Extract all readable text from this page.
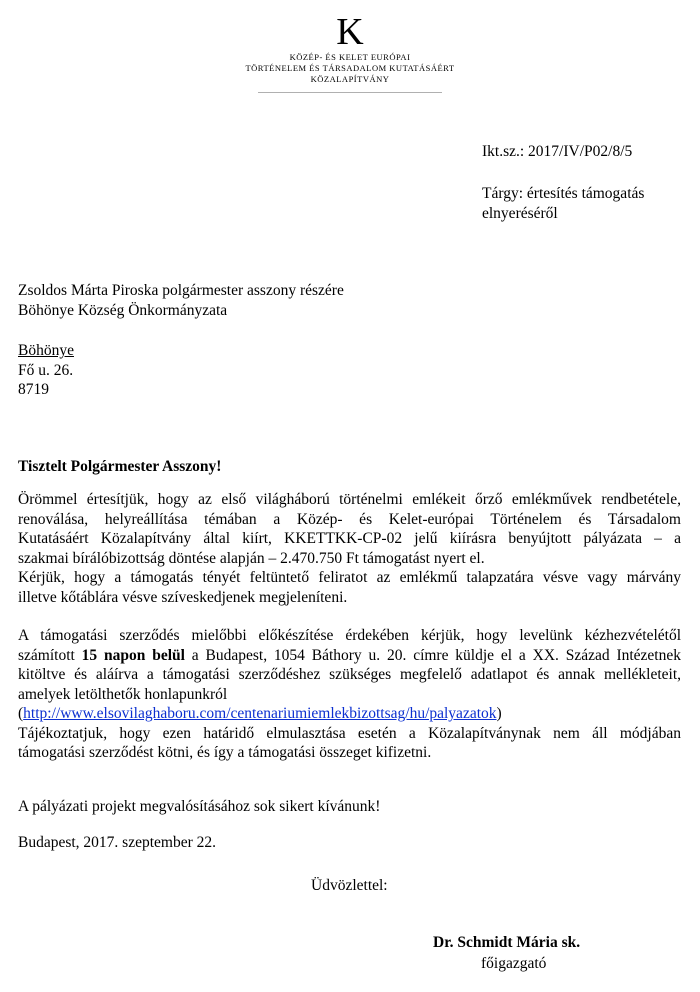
K
KÖZÉP- ÉS KELET EURÓPAI
TÖRTÉNELEM ÉS TÁRSADALOM KUTATÁSÁÉRT
KÖZALAPÍTVÁNY
Ikt.sz.: 2017/IV/P02/8/5
Tárgy: értesítés támogatás
elnyeréséről
Zsoldos Márta Piroska polgármester asszony részére
Böhönye Község Önkormányzata
Böhönye
Fő u. 26.
8719
Tisztelt Polgármester Asszony!
Örömmel értesítjük, hogy az első világháború történelmi emlékeit őrző emlékművek rendbetétele,
renoválása, helyreállítása témában a Közép- és Kelet-európai Történelem és Társadalom
Kutatásáért Közalapítvány által kiírt, KKETTKK-CP-02 jelű kiírásra benyújtott pályázata – a
szakmai bírálóbizottság döntése alapján – 2.470.750 Ft támogatást nyert el.
Kérjük, hogy a támogatás tényét feltüntető feliratot az emlékmű talapzatára vésve vagy márvány
illetve kőtáblára vésve szíveskedjenek megjeleníteni.
A támogatási szerződés mielőbbi előkészítése érdekében kérjük, hogy levelünk kézhezvételétől
számított 15 napon belül a Budapest, 1054 Báthory u. 20. címre küldje el a XX. Század Intézetnek
kitöltve és aláírva a támogatási szerződéshez szükséges megfelelő adatlapot és annak mellékleteit,
amelyek letölthetők honlapunkról
(http://www.elsovilaghaboru.com/centenariumiemlekbizottsag/hu/palyazatok)
Tájékoztatjuk, hogy ezen határidő elmulasztása esetén a Közalapítványnak nem áll módjában
támogatási szerződést kötni, és így a támogatási összeget kifizetni.
A pályázati projekt megvalósításához sok sikert kívánunk!
Budapest, 2017. szeptember 22.
Üdvözlettel:
Dr. Schmidt Mária sk.
főigazgató
